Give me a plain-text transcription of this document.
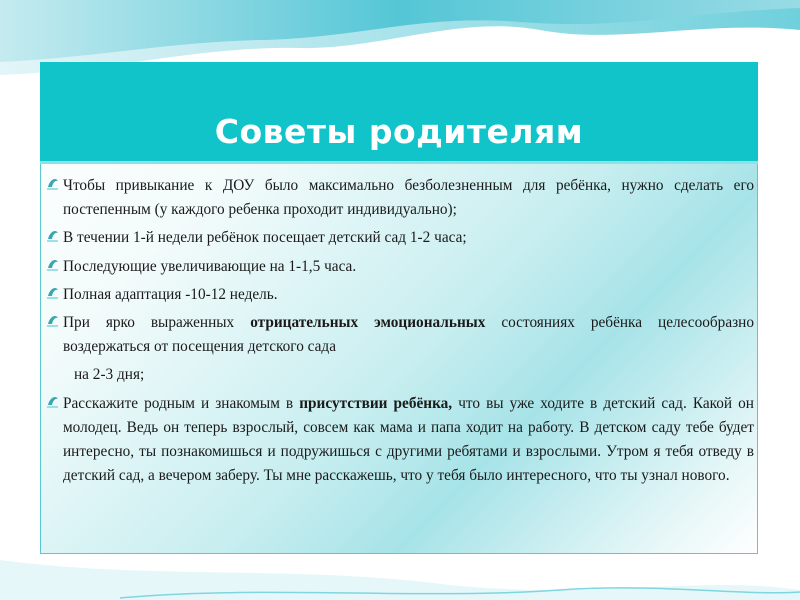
Советы родителям
Чтобы привыкание к ДОУ было максимально безболезненным для ребёнка, нужно сделать его постепенным (у каждого ребенка проходит индивидуально);
В течении 1-й недели ребёнок посещает детский сад 1-2 часа;
Последующие увеличивающие на 1-1,5 часа.
Полная адаптация -10-12 недель.
При ярко выраженных отрицательных эмоциональных состояниях ребёнка целесообразно воздержаться от посещения детского сада
на 2-3 дня;
Расскажите родным и знакомым в присутствии ребёнка, что вы уже ходите в детский сад. Какой он молодец. Ведь он теперь взрослый, совсем как мама и папа ходит на работу. В детском саду тебе будет интересно, ты познакомишься и подружишься с другими ребятами и взрослыми. Утром я тебя отведу в детский сад, а вечером заберу. Ты мне расскажешь, что у тебя было интересного, что ты узнал нового.
